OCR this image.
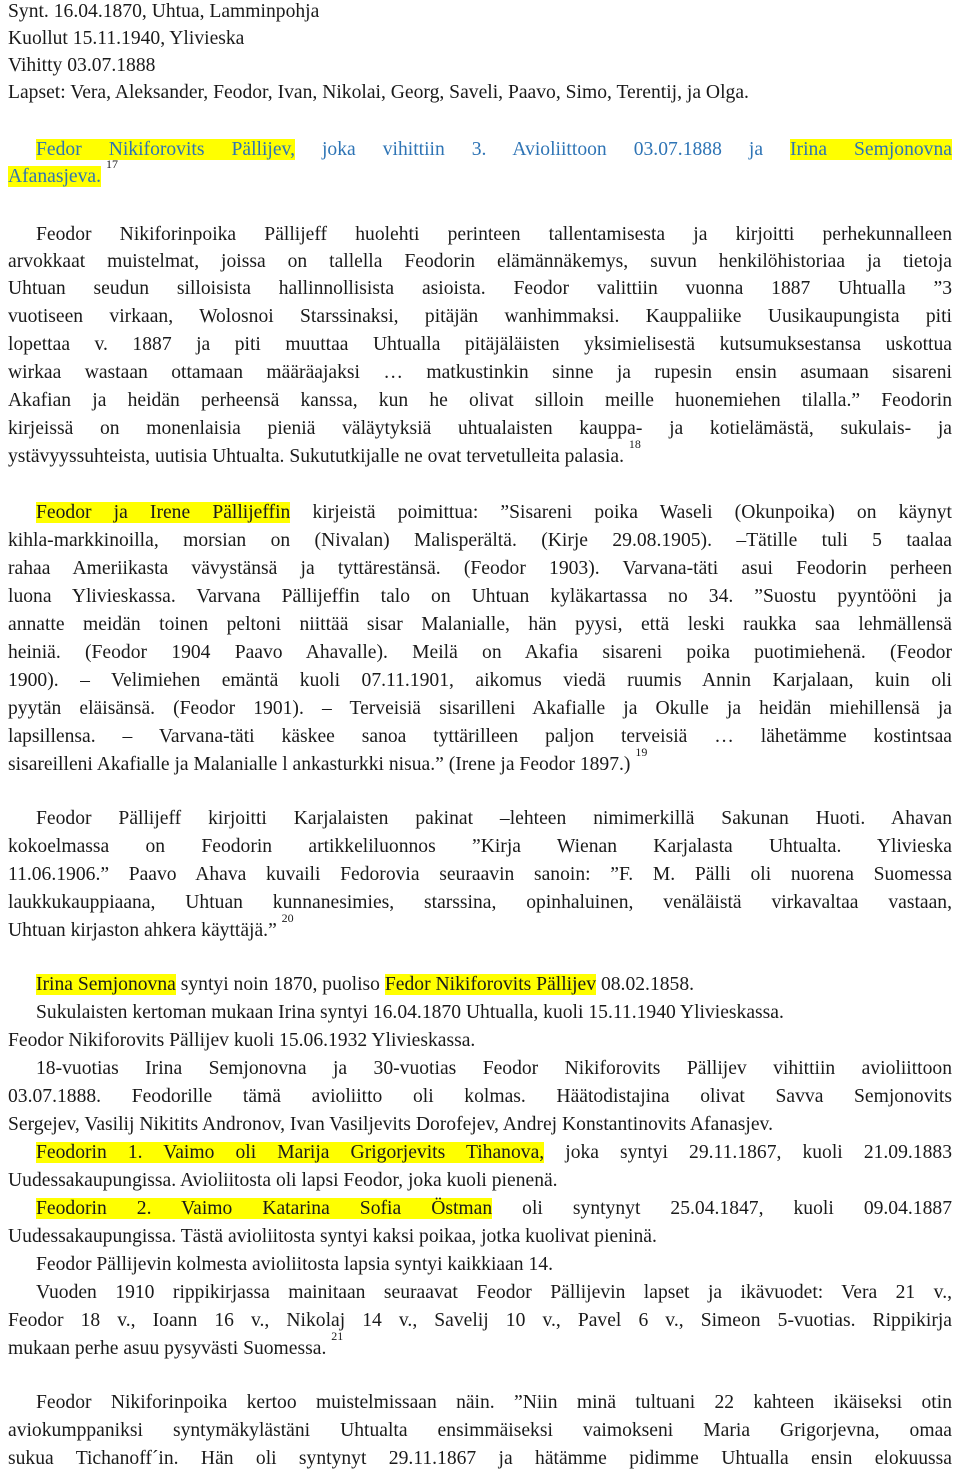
Synt. 16.04.1870, Uhtua, Lamminpohja
Kuollut 15.11.1940, Ylivieska
Vihitty 03.07.1888
Lapset: Vera, Aleksander, Feodor, Ivan, Nikolai, Georg, Saveli, Paavo, Simo, Terentij, ja Olga.
Fedor Nikiforovits Pällijev, joka vihittiin 3. Avioliittoon 03.07.1888 ja Irina Semjonovna
Afanasjeva. $^{17}$
Feodor Nikiforinpoika Pällijeff huolehti perinteen tallentamisesta ja kirjoitti perhekunnalleen
arvokkaat muistelmat, joissa on tallella Feodorin elämännäkemys, suvun henkilöhistoriaa ja tietoja
Uhtuan seudun silloisista hallinnollisista asioista. Feodor valittiin vuonna 1887 Uhtualla ”3
vuotiseen virkaan, Wolosnoi Starssinaksi, pitäjän wanhimmaksi. Kauppaliike Uusikaupungista piti
lopettaa v. 1887 ja piti muuttaa Uhtualla pitäjäläisten yksimielisestä kutsumuksestansa uskottua
wirkaa wastaan ottamaan määräajaksi … matkustinkin sinne ja rupesin ensin asumaan sisareni
Akafian ja heidän perheensä kanssa, kun he olivat silloin meille huonemiehen tilalla.” Feodorin
kirjeissä on monenlaisia pieniä väläytyksiä uhtualaisten kauppa- ja kotielämästä, sukulais- ja
ystävyyssuhteista, uutisia Uhtualta. Sukututkijalle ne ovat tervetulleita palasia. $^{18}$
Feodor ja Irene Pällijeffin kirjeistä poimittua: ”Sisareni poika Waseli (Okunpoika) on käynyt
kihla-markkinoilla, morsian on (Nivalan) Malisperältä. (Kirje 29.08.1905). –Tätille tuli 5 taalaa
rahaa Ameriikasta vävystänsä ja tyttärestänsä. (Feodor 1903). Varvana-täti asui Feodorin perheen
luona Ylivieskassa. Varvana Pällijeffin talo on Uhtuan kyläkartassa no 34. ”Suostu pyyntööni ja
annatte meidän toinen peltoni niittää sisar Malanialle, hän pyysi, että leski raukka saa lehmällensä
heiniä. (Feodor 1904 Paavo Ahavalle). Meilä on Akafia sisareni poika puotimiehenä. (Feodor
1900). – Velimiehen emäntä kuoli 07.11.1901, aikomus viedä ruumis Annin Karjalaan, kuin oli
pyytän eläisänsä. (Feodor 1901). – Terveisiä sisarilleni Akafialle ja Okulle ja heidän miehillensä ja
lapsillensa. – Varvana-täti käskee sanoa tyttärilleen paljon terveisiä … lähetämme kostintsaa
sisareilleni Akafialle ja Malanialle l ankasturkki nisua.” (Irene ja Feodor 1897.) $^{19}$
Feodor Pällijeff kirjoitti Karjalaisten pakinat –lehteen nimimerkillä Sakunan Huoti. Ahavan
kokoelmassa on Feodorin artikkeliluonnos ”Kirja Wienan Karjalasta Uhtualta. Ylivieska
11.06.1906.” Paavo Ahava kuvaili Fedorovia seuraavin sanoin: ”F. M. Pälli oli nuorena Suomessa
laukkukauppiaana, Uhtuan kunnanesimies, starssina, opinhaluinen, venäläistä virkavaltaa vastaan,
Uhtuan kirjaston ahkera käyttäjä.” $^{20}$
Irina Semjonovna syntyi noin 1870, puoliso Fedor Nikiforovits Pällijev 08.02.1858.
Sukulaisten kertoman mukaan Irina syntyi 16.04.1870 Uhtualla, kuoli 15.11.1940 Ylivieskassa.
Feodor Nikiforovits Pällijev kuoli 15.06.1932 Ylivieskassa.
18-vuotias Irina Semjonovna ja 30-vuotias Feodor Nikiforovits Pällijev vihittiin avioliittoon
03.07.1888. Feodorille tämä avioliitto oli kolmas. Häätodistajina olivat Savva Semjonovits
Sergejev, Vasilij Nikitits Andronov, Ivan Vasiljevits Dorofejev, Andrej Konstantinovits Afanasjev.
Feodorin 1. Vaimo oli Marija Grigorjevits Tihanova, joka syntyi 29.11.1867, kuoli 21.09.1883
Uudessakaupungissa. Avioliitosta oli lapsi Feodor, joka kuoli pienenä.
Feodorin 2. Vaimo Katarina Sofia Östman oli syntynyt 25.04.1847, kuoli 09.04.1887
Uudessakaupungissa. Tästä avioliitosta syntyi kaksi poikaa, jotka kuolivat pieninä.
Feodor Pällijevin kolmesta avioliitosta lapsia syntyi kaikkiaan 14.
Vuoden 1910 rippikirjassa mainitaan seuraavat Feodor Pällijevin lapset ja ikävuodet: Vera 21 v.,
Feodor 18 v., Ioann 16 v., Nikolaj 14 v., Savelij 10 v., Pavel 6 v., Simeon 5-vuotias. Rippikirja
mukaan perhe asuu pysyvästi Suomessa. $^{21}$
Feodor Nikiforinpoika kertoo muistelmissaan näin. ”Niin minä tultuani 22 kahteen ikäiseksi otin
aviokumppaniksi syntymäkylästäni Uhtualta ensimmäiseksi vaimokseni Maria Grigorjevna, omaa
sukua Tichanoff´in. Hän oli syntynyt 29.11.1867 ja hätämme pidimme Uhtualla ensin elokuussa
